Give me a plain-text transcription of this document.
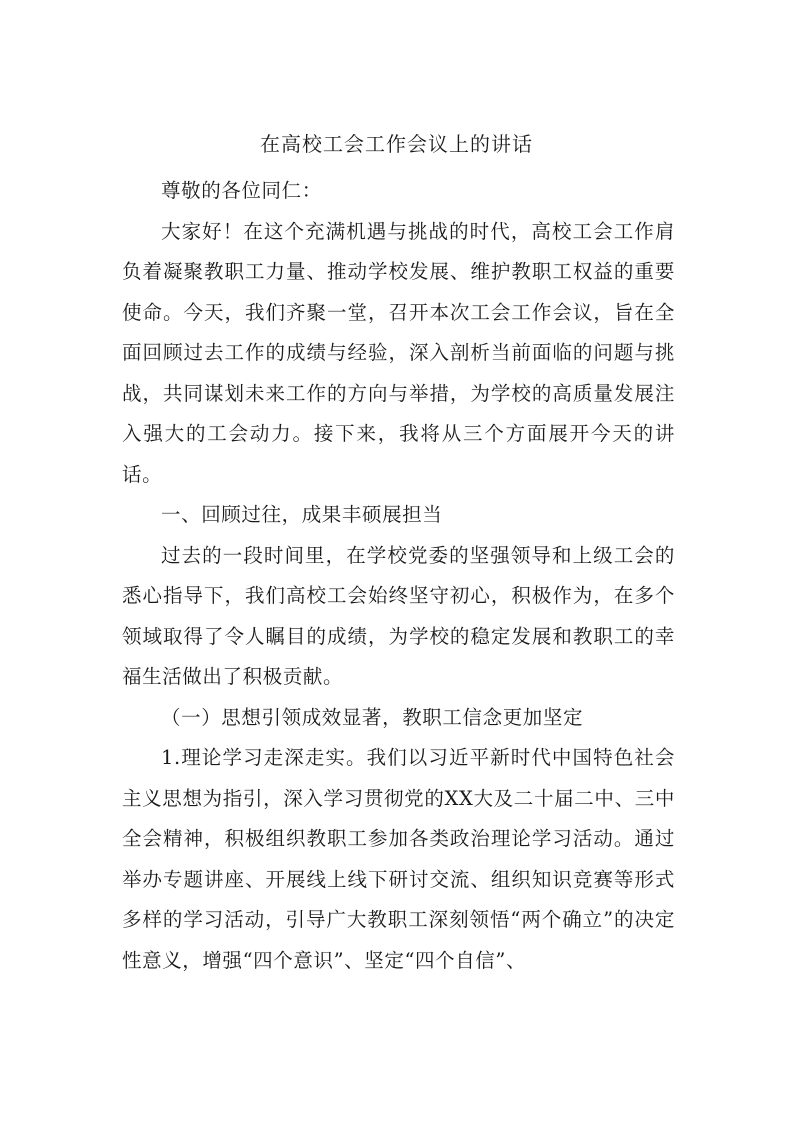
在高校工会工作会议上的讲话

尊敬的各位同仁：

大家好！在这个充满机遇与挑战的时代，高校工会工作肩负着凝聚教职工力量、推动学校发展、维护教职工权益的重要使命。今天，我们齐聚一堂，召开本次工会工作会议，旨在全面回顾过去工作的成绩与经验，深入剖析当前面临的问题与挑战，共同谋划未来工作的方向与举措，为学校的高质量发展注入强大的工会动力。接下来，我将从三个方面展开今天的讲话。

一、回顾过往，成果丰硕展担当

过去的一段时间里，在学校党委的坚强领导和上级工会的悉心指导下，我们高校工会始终坚守初心，积极作为，在多个领域取得了令人瞩目的成绩，为学校的稳定发展和教职工的幸福生活做出了积极贡献。

（一）思想引领成效显著，教职工信念更加坚定

1.理论学习走深走实。我们以习近平新时代中国特色社会主义思想为指引，深入学习贯彻党的XX大及二十届二中、三中全会精神，积极组织教职工参加各类政治理论学习活动。通过举办专题讲座、开展线上线下研讨交流、组织知识竞赛等形式多样的学习活动，引导广大教职工深刻领悟“两个确立”的决定性意义，增强“四个意识”、坚定“四个自信”、
